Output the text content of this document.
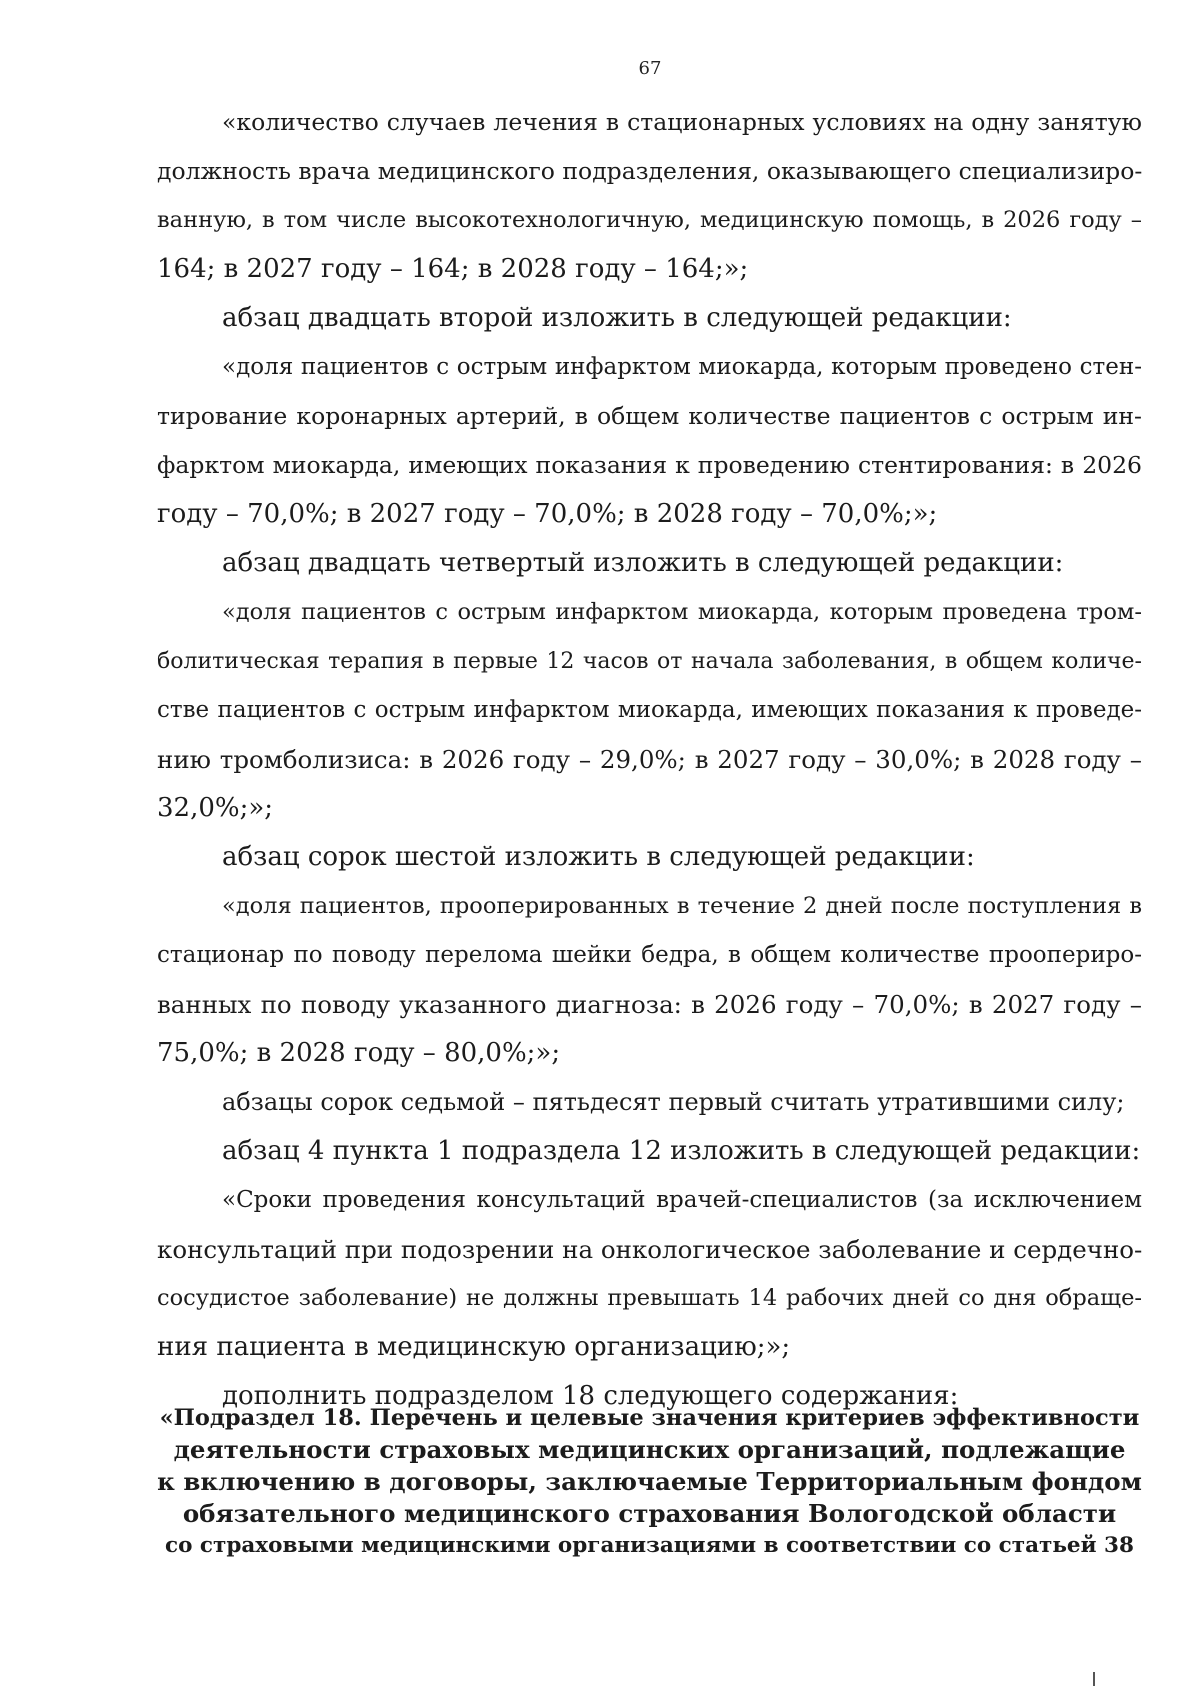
67
«количество случаев лечения в стационарных условиях на одну занятую
должность врача медицинского подразделения, оказывающего специализиро-
ванную, в том числе высокотехнологичную, медицинскую помощь, в 2026 году –
164; в 2027 году – 164; в 2028 году – 164;»;
абзац двадцать второй изложить в следующей редакции:
«доля пациентов с острым инфарктом миокарда, которым проведено стен-
тирование коронарных артерий, в общем количестве пациентов с острым ин-
фарктом миокарда, имеющих показания к проведению стентирования: в 2026
году – 70,0%; в 2027 году – 70,0%; в 2028 году – 70,0%;»;
абзац двадцать четвертый изложить в следующей редакции:
«доля пациентов с острым инфарктом миокарда, которым проведена тром-
болитическая терапия в первые 12 часов от начала заболевания, в общем количе-
стве пациентов с острым инфарктом миокарда, имеющих показания к проведе-
нию тромболизиса: в 2026 году – 29,0%; в 2027 году – 30,0%; в 2028 году –
32,0%;»;
абзац сорок шестой изложить в следующей редакции:
«доля пациентов, прооперированных в течение 2 дней после поступления в
стационар по поводу перелома шейки бедра, в общем количестве проопериро-
ванных по поводу указанного диагноза: в 2026 году – 70,0%; в 2027 году –
75,0%; в 2028 году – 80,0%;»;
абзацы сорок седьмой – пятьдесят первый считать утратившими силу;
абзац 4 пункта 1 подраздела 12 изложить в следующей редакции:
«Сроки проведения консультаций врачей-специалистов (за исключением
консультаций при подозрении на онкологическое заболевание и сердечно-
сосудистое заболевание) не должны превышать 14 рабочих дней со дня обраще-
ния пациента в медицинскую организацию;»;
дополнить подразделом 18 следующего содержания:
«Подраздел 18. Перечень и целевые значения критериев эффективности
деятельности страховых медицинских организаций, подлежащие
к включению в договоры, заключаемые Территориальным фондом
обязательного медицинского страхования Вологодской области
со страховыми медицинскими организациями в соответствии со статьей 38
